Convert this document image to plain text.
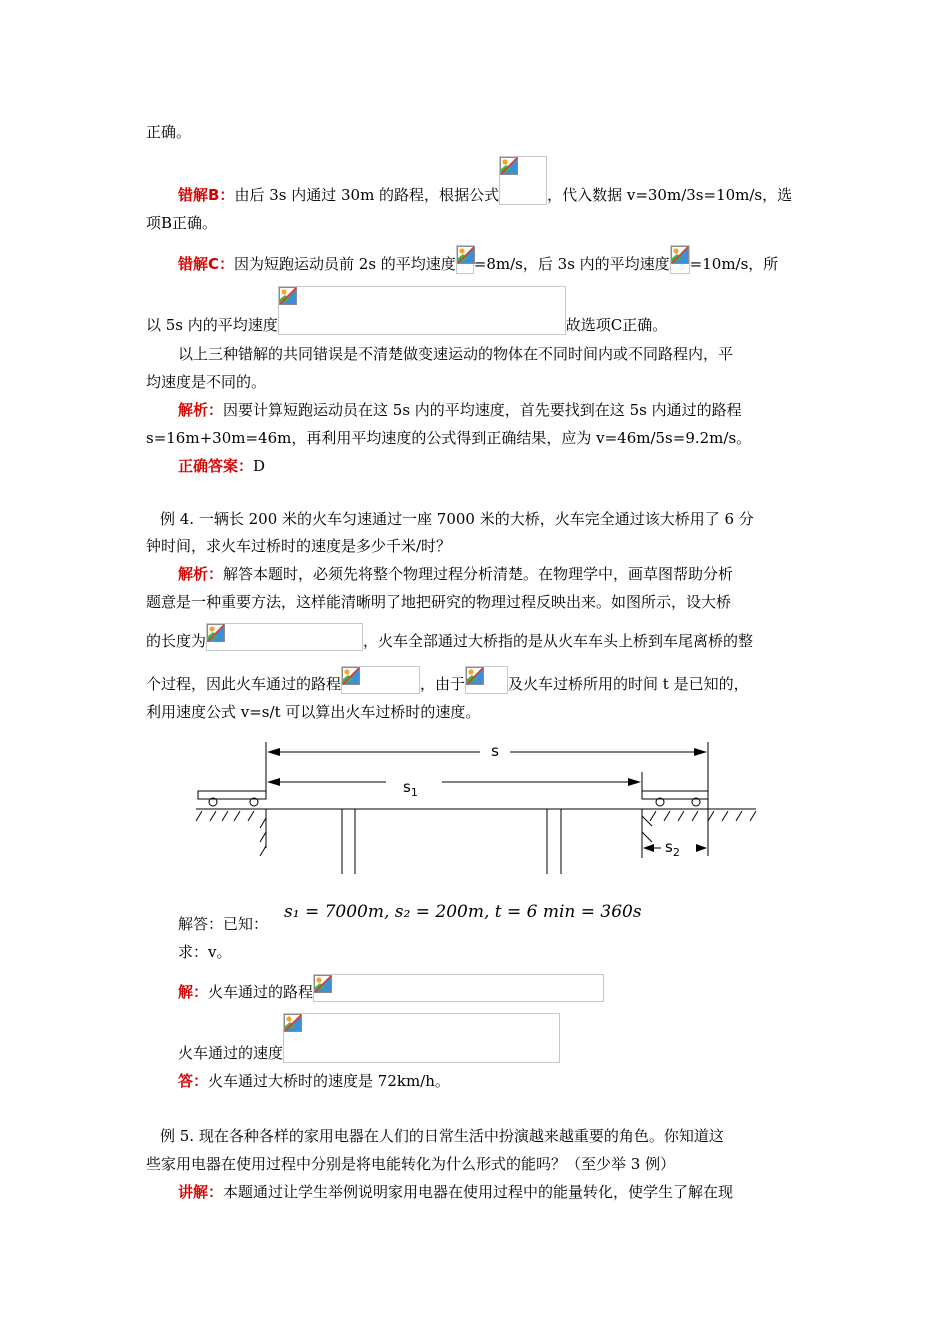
正确。
错解B：由后 3s 内通过 30m 的路程，根据公式	，代入数据 v=30m/3s=10m/s，选
项B正确。
错解C：因为短跑运动员前 2s 的平均速度 =8m/s，后 3s 内的平均速度 =10m/s，所
以 5s 内的平均速度	故选项C正确。
以上三种错解的共同错误是不清楚做变速运动的物体在不同时间内或不同路程内，平
均速度是不同的。
解析：因要计算短跑运动员在这 5s 内的平均速度，首先要找到在这 5s 内通过的路程
s=16m+30m=46m，再利用平均速度的公式得到正确结果，应为 v=46m/5s=9.2m/s。
正确答案：D
例 4. 一辆长 200 米的火车匀速通过一座 7000 米的大桥，火车完全通过该大桥用了 6 分
钟时间，求火车过桥时的速度是多少千米/时？
解析：解答本题时，必须先将整个物理过程分析清楚。在物理学中，画草图帮助分析
题意是一种重要方法，这样能清晰明了地把研究的物理过程反映出来。如图所示，设大桥
的长度为	，火车全部通过大桥指的是从火车车头上桥到车尾离桥的整
个过程，因此火车通过的路程	，由于	及火车过桥所用的时间 t 是已知的，
利用速度公式 v=s/t 可以算出火车过桥时的速度。
s
$s_1$
$s_2$
解答：已知：
s₁ = 7000m, s₂ = 200m, t = 6 min = 360s
求：v。
解：火车通过的路程
火车通过的速度
答：火车通过大桥时的速度是 72km/h。
例 5. 现在各种各样的家用电器在人们的日常生活中扮演越来越重要的角色。你知道这
些家用电器在使用过程中分别是将电能转化为什么形式的能吗？（至少举 3 例）
讲解：本题通过让学生举例说明家用电器在使用过程中的能量转化，使学生了解在现
